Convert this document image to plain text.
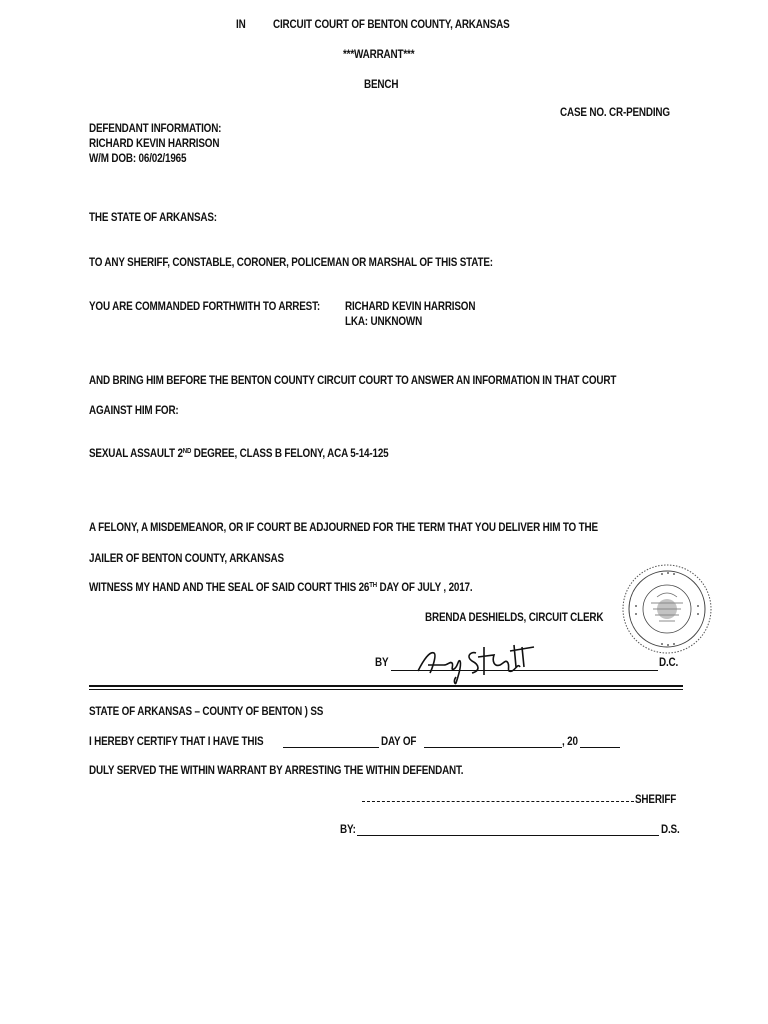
IN CIRCUIT COURT OF BENTON COUNTY, ARKANSAS
***WARRANT***
BENCH
CASE NO. CR-PENDING
DEFENDANT INFORMATION:
RICHARD KEVIN HARRISON
W/M DOB: 06/02/1965
THE STATE OF ARKANSAS:
TO ANY SHERIFF, CONSTABLE, CORONER, POLICEMAN OR MARSHAL OF THIS STATE:
YOU ARE COMMANDED FORTHWITH TO ARREST: RICHARD KEVIN HARRISON
LKA: UNKNOWN
AND BRING HIM BEFORE THE BENTON COUNTY CIRCUIT COURT TO ANSWER AN INFORMATION IN THAT COURT
AGAINST HIM FOR:
SEXUAL ASSAULT 2ND DEGREE, CLASS B FELONY, ACA 5-14-125
A FELONY, A MISDEMEANOR, OR IF COURT BE ADJOURNED FOR THE TERM THAT YOU DELIVER HIM TO THE
JAILER OF BENTON COUNTY, ARKANSAS
WITNESS MY HAND AND THE SEAL OF SAID COURT THIS 26TH DAY OF JULY , 2017.
BRENDA DESHIELDS, CIRCUIT CLERK
BY	D.C.
STATE OF ARKANSAS – COUNTY OF BENTON ) SS
I HEREBY CERTIFY THAT I HAVE THIS	DAY OF	, 20
DULY SERVED THE WITHIN WARRANT BY ARRESTING THE WITHIN DEFENDANT.
SHERIFF
BY:	D.S.
